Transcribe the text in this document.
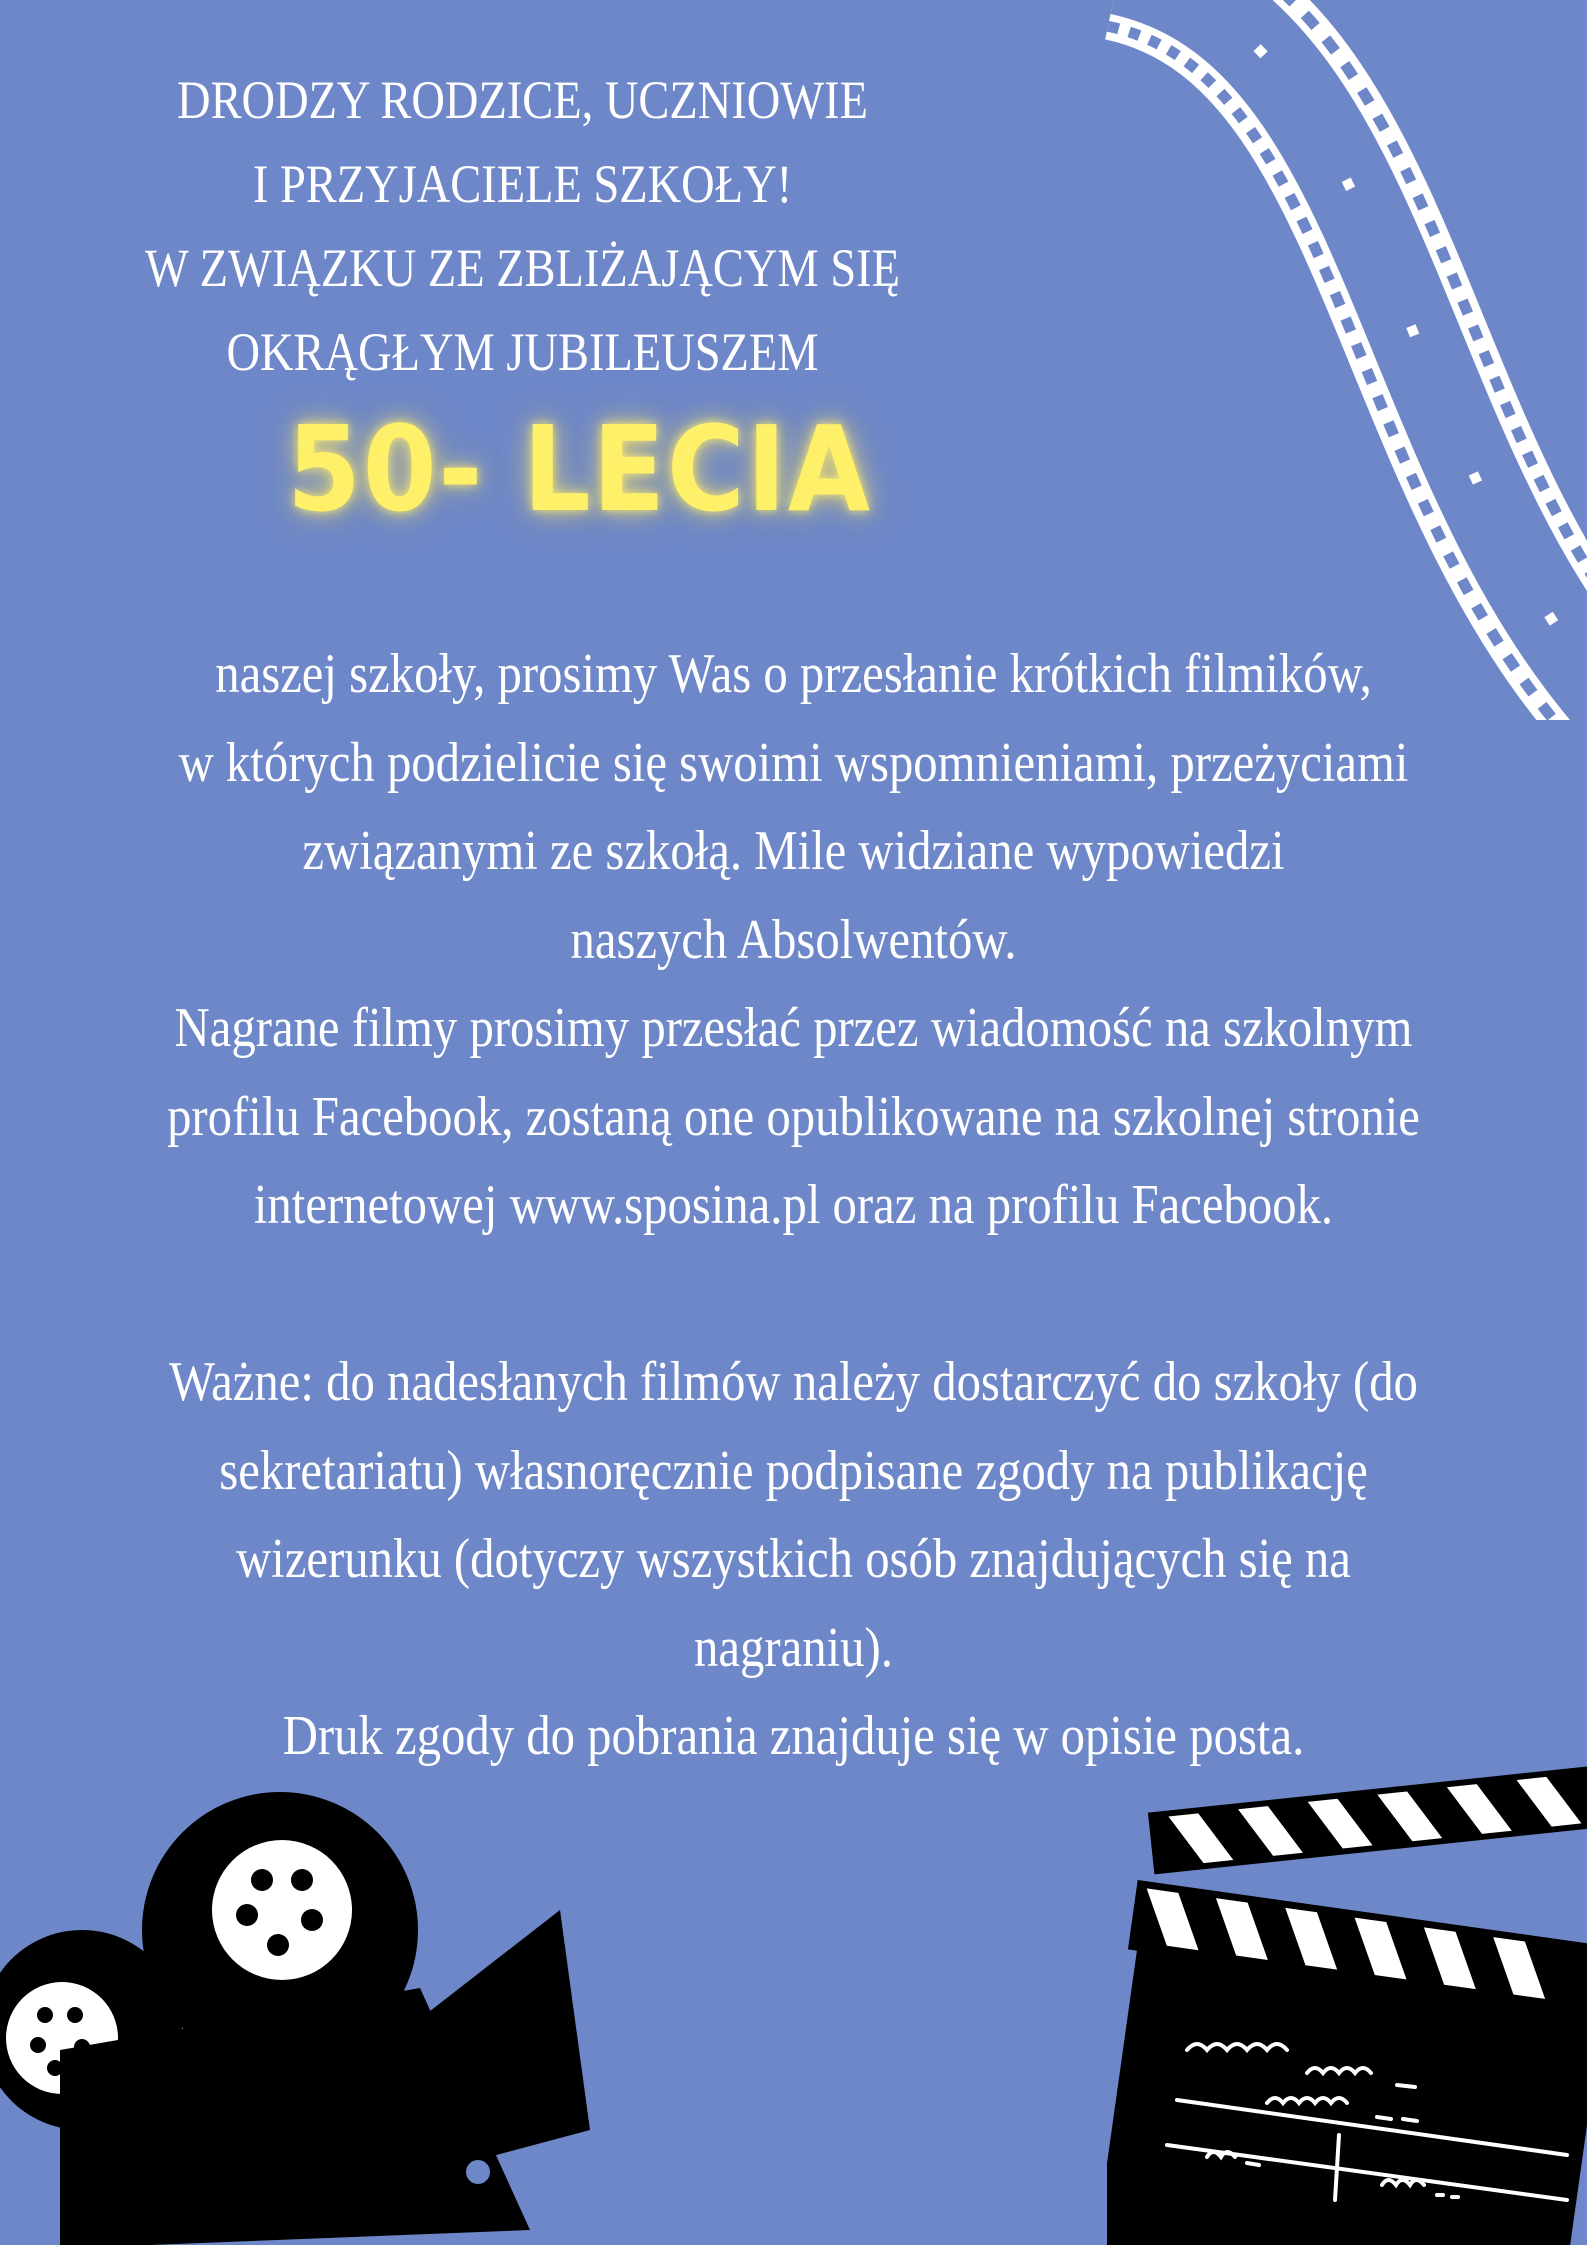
DRODZY RODZICE, UCZNIOWIE
I PRZYJACIELE SZKOŁY!
W ZWIĄZKU ZE ZBLIŻAJĄCYM SIĘ
OKRĄGŁYM JUBILEUSZEM
50- LECIA
naszej szkoły, prosimy Was o przesłanie krótkich filmików,
w których podzielicie się swoimi wspomnieniami, przeżyciami
związanymi ze szkołą. Mile widziane wypowiedzi
naszych Absolwentów.
Nagrane filmy prosimy przesłać przez wiadomość na szkolnym
profilu Facebook, zostaną one opublikowane na szkolnej stronie
internetowej www.sposina.pl oraz na profilu Facebook.
Ważne: do nadesłanych filmów należy dostarczyć do szkoły (do
sekretariatu) własnoręcznie podpisane zgody na publikację
wizerunku (dotyczy wszystkich osób znajdujących się na
nagraniu).
Druk zgody do pobrania znajduje się w opisie posta.
